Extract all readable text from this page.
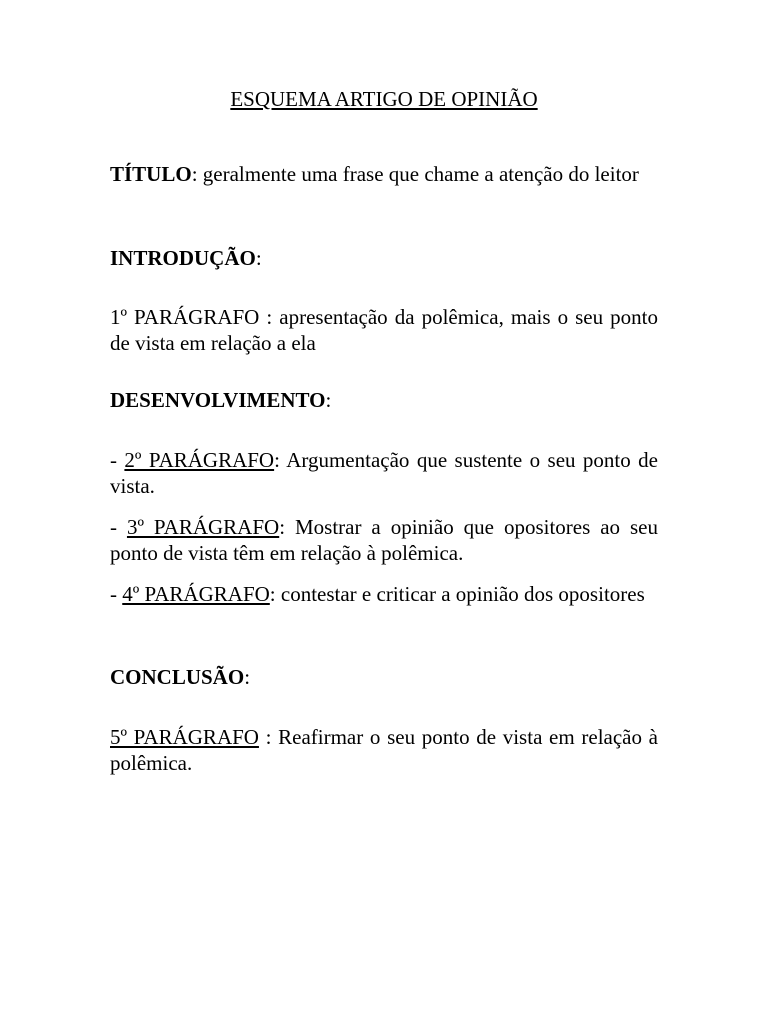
ESQUEMA ARTIGO DE OPINIÃO
TÍTULO: geralmente uma frase que chame a atenção do leitor
INTRODUÇÃO:
1º PARÁGRAFO : apresentação da polêmica, mais o seu ponto de vista em relação a ela
DESENVOLVIMENTO:
- 2º PARÁGRAFO: Argumentação que sustente o seu ponto de vista.
- 3º PARÁGRAFO: Mostrar a opinião que opositores ao seu ponto de vista têm em relação à polêmica.
- 4º PARÁGRAFO: contestar e criticar a opinião dos opositores
CONCLUSÃO:
5º PARÁGRAFO : Reafirmar o seu ponto de vista em relação à polêmica.
